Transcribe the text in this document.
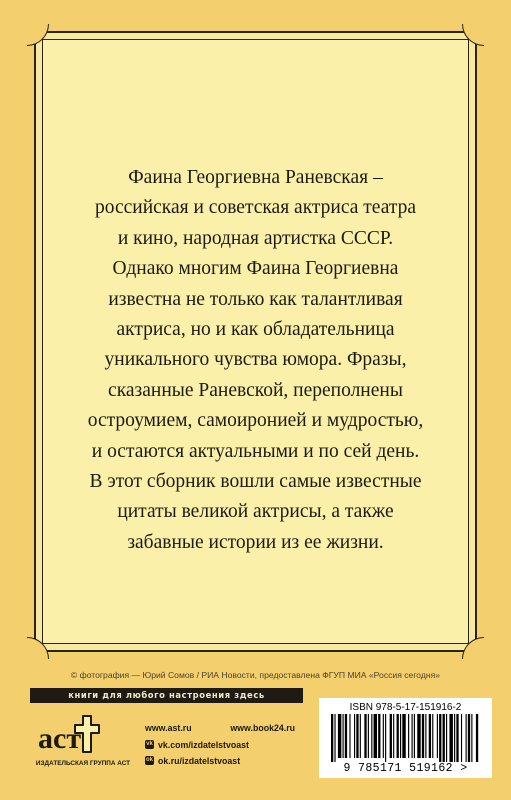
Фаина Георгиевна Раневская –
российская и советская актриса театра
и кино, народная артистка СССР.
Однако многим Фаина Георгиевна
известна не только как талантливая
актриса, но и как обладательница
уникального чувства юмора. Фразы,
сказанные Раневской, переполнены
остроумием, самоиронией и мудростью,
и остаются актуальными и по сей день.
В этот сборник вошли самые известные
цитаты великой актрисы, а также
забавные истории из ее жизни.

© фотография — Юрий Сомов / РИА Новости, предоставлена ФГУП МИА «Россия сегодня»
книги для любого настроения здесь
аст
ИЗДАТЕЛЬСКАЯ ГРУППА АСТ
www.ast.ru	www.book24.ru
vk vk.com/izdatelstvoast
ok ok.ru/izdatelstvoast
ISBN 978-5-17-151916-2
9 785171 519162 >
